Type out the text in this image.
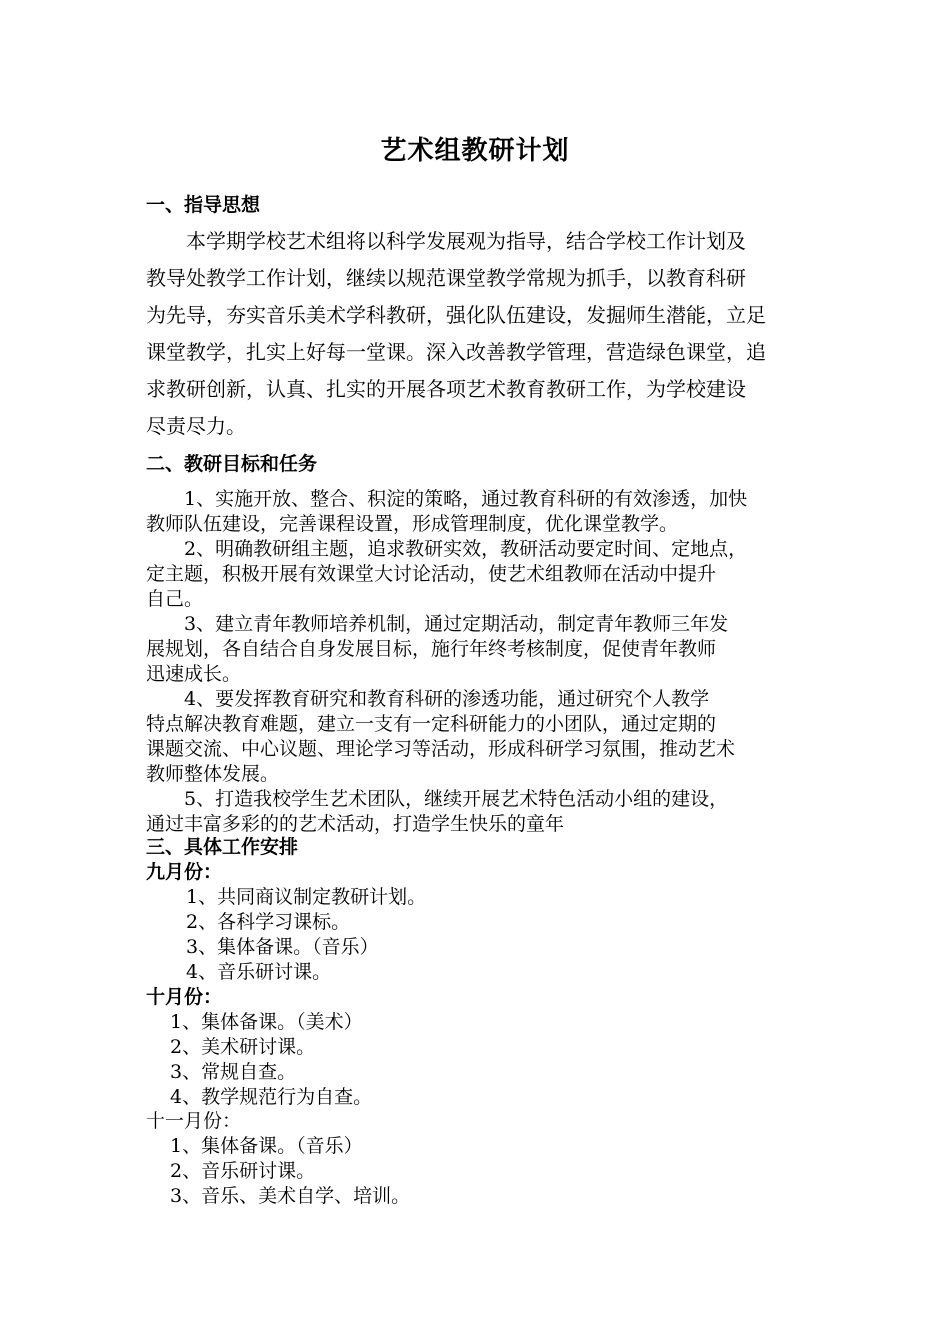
艺术组教研计划
一、指导思想
　　本学期学校艺术组将以科学发展观为指导，结合学校工作计划及
教导处教学工作计划，继续以规范课堂教学常规为抓手，以教育科研
为先导，夯实音乐美术学科教研，强化队伍建设，发掘师生潜能，立足
课堂教学，扎实上好每一堂课。深入改善教学管理，营造绿色课堂，追
求教研创新，认真、扎实的开展各项艺术教育教研工作，为学校建设
尽责尽力。
二、教研目标和任务
　　1、实施开放、整合、积淀的策略，通过教育科研的有效渗透，加快
教师队伍建设，完善课程设置，形成管理制度，优化课堂教学。
　　2、明确教研组主题，追求教研实效，教研活动要定时间、定地点，
定主题，积极开展有效课堂大讨论活动，使艺术组教师在活动中提升
自己。
　　3、建立青年教师培养机制，通过定期活动，制定青年教师三年发
展规划，各自结合自身发展目标，施行年终考核制度，促使青年教师
迅速成长。
　　4、要发挥教育研究和教育科研的渗透功能，通过研究个人教学
特点解决教育难题，建立一支有一定科研能力的小团队，通过定期的
课题交流、中心议题、理论学习等活动，形成科研学习氛围，推动艺术
教师整体发展。
　　5、打造我校学生艺术团队，继续开展艺术特色活动小组的建设，
通过丰富多彩的的艺术活动，打造学生快乐的童年
三、具体工作安排
九月份：
1、共同商议制定教研计划。
2、各科学习课标。
3、集体备课。（音乐）
4、音乐研讨课。
十月份：
1、集体备课。（美术）
2、美术研讨课。
3、常规自查。
4、教学规范行为自查。
十一月份：
1、集体备课。（音乐）
2、音乐研讨课。
3、音乐、美术自学、培训。
